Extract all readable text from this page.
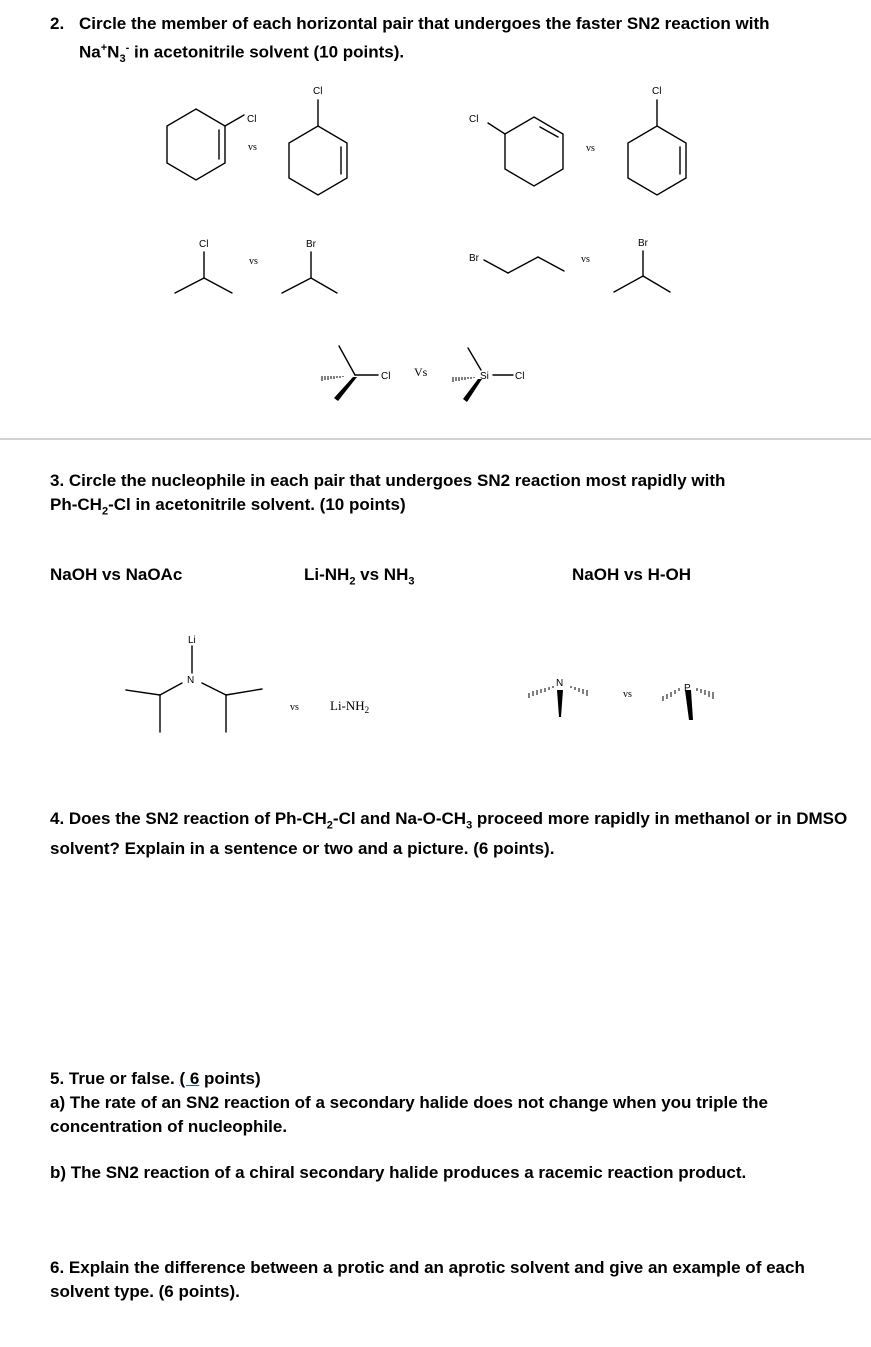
2. Circle the member of each horizontal pair that undergoes the faster SN2 reaction with
$Na^+N_3^-$ in acetonitrile solvent (10 points).
Cl
Cl
Cl
Cl
Cl	Br
Br
Br
Cl	Si	Cl
Li
N	N	P
vs	vs
vs	vs
Vs
vs
vs
$Li-NH_2$
3. Circle the nucleophile in each pair that undergoes SN2 reaction most rapidly with
$Ph-CH_2-Cl$ in acetonitrile solvent. (10 points)
NaOH vs NaOAc	$Li-NH_2$ vs $NH_3$	NaOH vs H-OH
4. Does the SN2 reaction of $Ph-CH_2-Cl$ and $Na-O-CH_3$ proceed more rapidly in methanol or in DMSO solvent? Explain in a sentence or two and a picture. (6 points).

5. True or false. ( 6 points)

a) The rate of an SN2 reaction of a secondary halide does not change when you triple the concentration of nucleophile.

b) The SN2 reaction of a chiral secondary halide produces a racemic reaction product.

6. Explain the difference between a protic and an aprotic solvent and give an example of each solvent type. (6 points).
